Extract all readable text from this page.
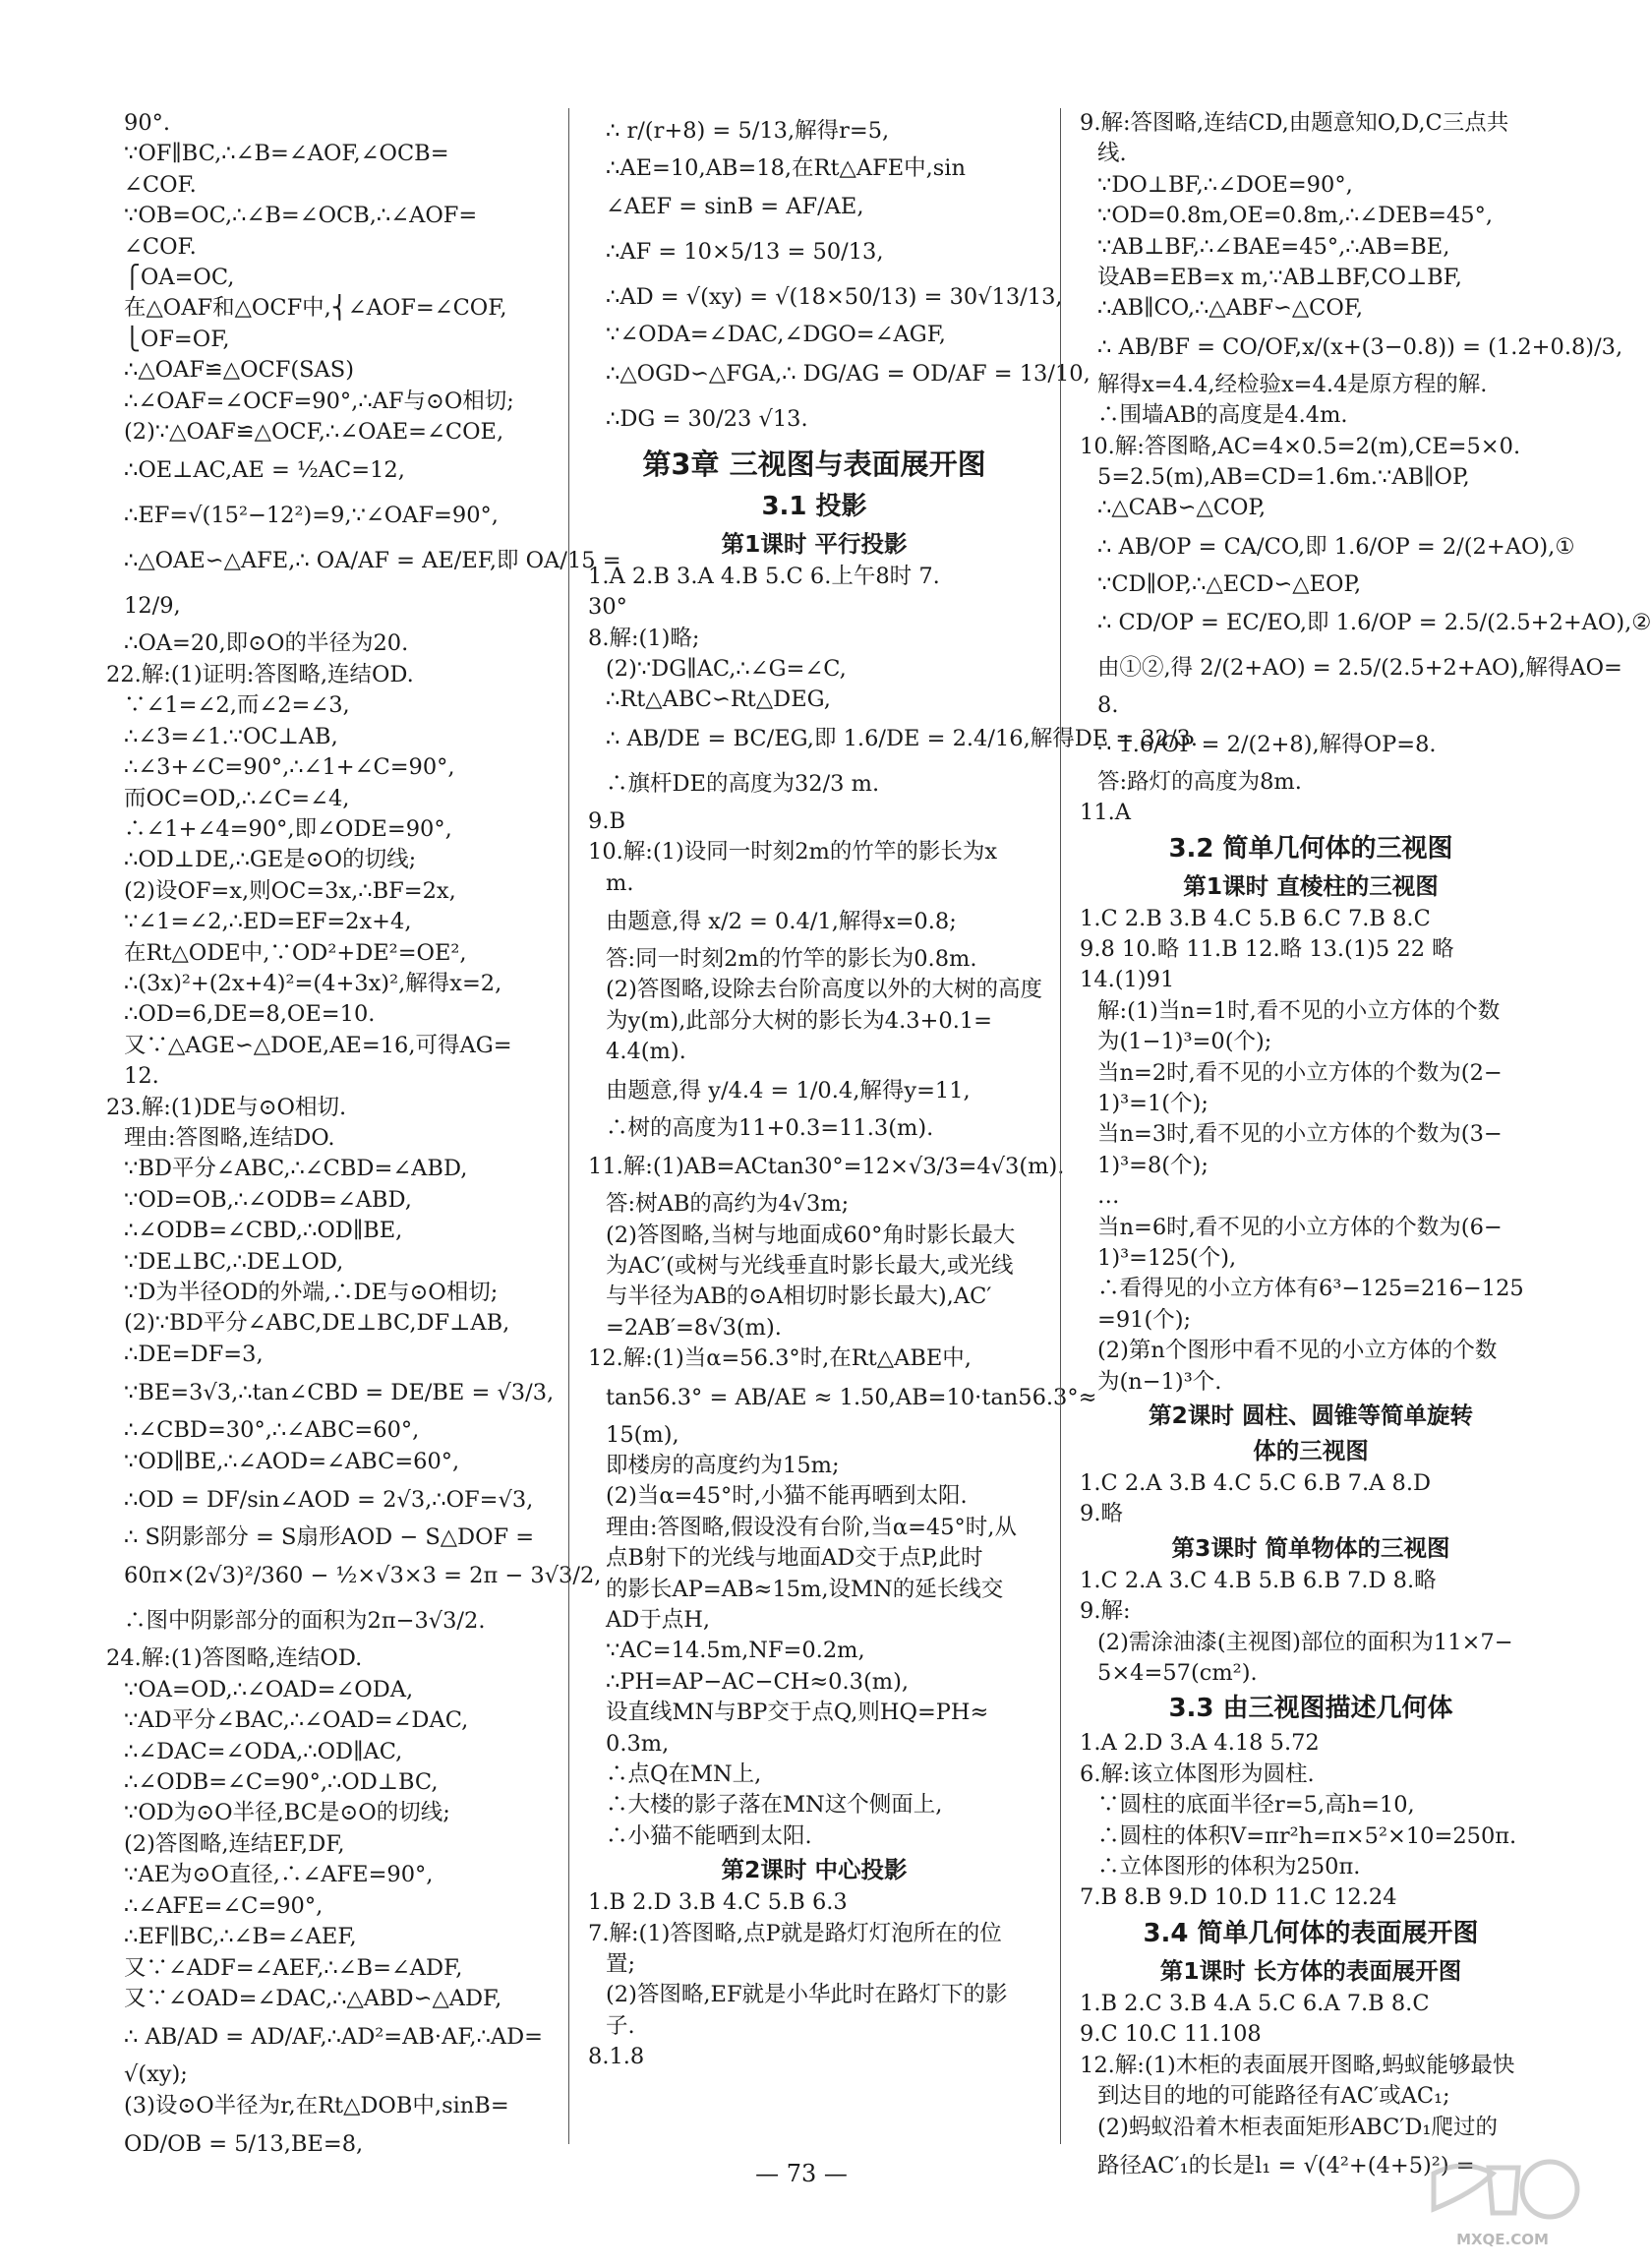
90°.
∵OF∥BC,∴∠B=∠AOF,∠OCB=
∠COF.
∵OB=OC,∴∠B=∠OCB,∴∠AOF=
∠COF.
⎧OA=OC,
在△OAF和△OCF中,⎨∠AOF=∠COF,
⎩OF=OF,
∴△OAF≌△OCF(SAS)
∴∠OAF=∠OCF=90°,∴AF与⊙O相切;
(2)∵△OAF≌△OCF,∴∠OAE=∠COE,
∴OE⊥AC,AE = ½AC=12,
∴EF=√(15²−12²)=9,∵∠OAF=90°,
∴△OAE∽△AFE,∴ OA/AF = AE/EF,即 OA/15 =
12/9,
∴OA=20,即⊙O的半径为20.
22.解:(1)证明:答图略,连结OD.
∵∠1=∠2,而∠2=∠3,
∴∠3=∠1.∵OC⊥AB,
∴∠3+∠C=90°,∴∠1+∠C=90°,
而OC=OD,∴∠C=∠4,
∴∠1+∠4=90°,即∠ODE=90°,
∴OD⊥DE,∴GE是⊙O的切线;
(2)设OF=x,则OC=3x,∴BF=2x,
∵∠1=∠2,∴ED=EF=2x+4,
在Rt△ODE中,∵OD²+DE²=OE²,
∴(3x)²+(2x+4)²=(4+3x)²,解得x=2,
∴OD=6,DE=8,OE=10.
又∵△AGE∽△DOE,AE=16,可得AG=
12.
23.解:(1)DE与⊙O相切.
理由:答图略,连结DO.
∵BD平分∠ABC,∴∠CBD=∠ABD,
∵OD=OB,∴∠ODB=∠ABD,
∴∠ODB=∠CBD,∴OD∥BE,
∵DE⊥BC,∴DE⊥OD,
∵D为半径OD的外端,∴DE与⊙O相切;
(2)∵BD平分∠ABC,DE⊥BC,DF⊥AB,
∴DE=DF=3,
∵BE=3√3,∴tan∠CBD = DE/BE = √3/3,
∴∠CBD=30°,∴∠ABC=60°,
∵OD∥BE,∴∠AOD=∠ABC=60°,
∴OD = DF/sin∠AOD = 2√3,∴OF=√3,
∴ S阴影部分 = S扇形AOD − S△DOF =
60π×(2√3)²/360 − ½×√3×3 = 2π − 3√3/2,
∴图中阴影部分的面积为2π−3√3/2.
24.解:(1)答图略,连结OD.
∵OA=OD,∴∠OAD=∠ODA,
∵AD平分∠BAC,∴∠OAD=∠DAC,
∴∠DAC=∠ODA,∴OD∥AC,
∴∠ODB=∠C=90°,∴OD⊥BC,
∵OD为⊙O半径,BC是⊙O的切线;
(2)答图略,连结EF,DF,
∵AE为⊙O直径,∴∠AFE=90°,
∴∠AFE=∠C=90°,
∴EF∥BC,∴∠B=∠AEF,
又∵∠ADF=∠AEF,∴∠B=∠ADF,
又∵∠OAD=∠DAC,∴△ABD∽△ADF,
∴ AB/AD = AD/AF,∴AD²=AB·AF,∴AD=
√(xy);
(3)设⊙O半径为r,在Rt△DOB中,sinB=
OD/OB = 5/13,BE=8,
∴ r/(r+8) = 5/13,解得r=5,
∴AE=10,AB=18,在Rt△AFE中,sin
∠AEF = sinB = AF/AE,
∴AF = 10×5/13 = 50/13,
∴AD = √(xy) = √(18×50/13) = 30√13/13,
∵∠ODA=∠DAC,∠DGO=∠AGF,
∴△OGD∽△FGA,∴ DG/AG = OD/AF = 13/10,
∴DG = 30/23 √13.
第3章 三视图与表面展开图
3.1 投影
第1课时 平行投影
1.A 2.B 3.A 4.B 5.C 6.上午8时 7.
30°
8.解:(1)略;
(2)∵DG∥AC,∴∠G=∠C,
∴Rt△ABC∽Rt△DEG,
∴ AB/DE = BC/EG,即 1.6/DE = 2.4/16,解得DE = 32/3.
∴旗杆DE的高度为32/3 m.
9.B
10.解:(1)设同一时刻2m的竹竿的影长为x
m.
由题意,得 x/2 = 0.4/1,解得x=0.8;
答:同一时刻2m的竹竿的影长为0.8m.
(2)答图略,设除去台阶高度以外的大树的高度
为y(m),此部分大树的影长为4.3+0.1=
4.4(m).
由题意,得 y/4.4 = 1/0.4,解得y=11,
∴树的高度为11+0.3=11.3(m).
11.解:(1)AB=ACtan30°=12×√3/3=4√3(m).
答:树AB的高约为4√3m;
(2)答图略,当树与地面成60°角时影长最大
为AC′(或树与光线垂直时影长最大,或光线
与半径为AB的⊙A相切时影长最大),AC′
=2AB′=8√3(m).
12.解:(1)当α=56.3°时,在Rt△ABE中,
tan56.3° = AB/AE ≈ 1.50,AB=10·tan56.3°≈
15(m),
即楼房的高度约为15m;
(2)当α=45°时,小猫不能再晒到太阳.
理由:答图略,假设没有台阶,当α=45°时,从
点B射下的光线与地面AD交于点P,此时
的影长AP=AB≈15m,设MN的延长线交
AD于点H,
∵AC=14.5m,NF=0.2m,
∴PH=AP−AC−CH≈0.3(m),
设直线MN与BP交于点Q,则HQ=PH≈
0.3m,
∴点Q在MN上,
∴大楼的影子落在MN这个侧面上,
∴小猫不能晒到太阳.
第2课时 中心投影
1.B 2.D 3.B 4.C 5.B 6.3
7.解:(1)答图略,点P就是路灯灯泡所在的位
置;
(2)答图略,EF就是小华此时在路灯下的影
子.
8.1.8
9.解:答图略,连结CD,由题意知O,D,C三点共
线.
∵DO⊥BF,∴∠DOE=90°,
∵OD=0.8m,OE=0.8m,∴∠DEB=45°,
∵AB⊥BF,∴∠BAE=45°,∴AB=BE,
设AB=EB=x m,∵AB⊥BF,CO⊥BF,
∴AB∥CO,∴△ABF∽△COF,
∴ AB/BF = CO/OF,x/(x+(3−0.8)) = (1.2+0.8)/3,
解得x=4.4,经检验x=4.4是原方程的解.
∴围墙AB的高度是4.4m.
10.解:答图略,AC=4×0.5=2(m),CE=5×0.
5=2.5(m),AB=CD=1.6m.∵AB∥OP,
∴△CAB∽△COP,
∴ AB/OP = CA/CO,即 1.6/OP = 2/(2+AO),①
∵CD∥OP,∴△ECD∽△EOP,
∴ CD/OP = EC/EO,即 1.6/OP = 2.5/(2.5+2+AO),②
由①②,得 2/(2+AO) = 2.5/(2.5+2+AO),解得AO=
8.
∴ 1.6/OP = 2/(2+8),解得OP=8.
答:路灯的高度为8m.
11.A
3.2 简单几何体的三视图
第1课时 直棱柱的三视图
1.C 2.B 3.B 4.C 5.B 6.C 7.B 8.C
9.8 10.略 11.B 12.略 13.(1)5 22 略
14.(1)91
解:(1)当n=1时,看不见的小立方体的个数
为(1−1)³=0(个);
当n=2时,看不见的小立方体的个数为(2−
1)³=1(个);
当n=3时,看不见的小立方体的个数为(3−
1)³=8(个);
…
当n=6时,看不见的小立方体的个数为(6−
1)³=125(个),
∴看得见的小立方体有6³−125=216−125
=91(个);
(2)第n个图形中看不见的小立方体的个数
为(n−1)³个.
第2课时 圆柱、圆锥等简单旋转
体的三视图
1.C 2.A 3.B 4.C 5.C 6.B 7.A 8.D
9.略
第3课时 简单物体的三视图
1.C 2.A 3.C 4.B 5.B 6.B 7.D 8.略
9.解:
(2)需涂油漆(主视图)部位的面积为11×7−
5×4=57(cm²).
3.3 由三视图描述几何体
1.A 2.D 3.A 4.18 5.72
6.解:该立体图形为圆柱.
∵圆柱的底面半径r=5,高h=10,
∴圆柱的体积V=πr²h=π×5²×10=250π.
∴立体图形的体积为250π.
7.B 8.B 9.D 10.D 11.C 12.24
3.4 简单几何体的表面展开图
第1课时 长方体的表面展开图
1.B 2.C 3.B 4.A 5.C 6.A 7.B 8.C
9.C 10.C 11.108
12.解:(1)木柜的表面展开图略,蚂蚁能够最快
到达目的地的可能路径有AC′或AC₁;
(2)蚂蚁沿着木柜表面矩形ABC′D₁爬过的
路径AC′₁的长是l₁ = √(4²+(4+5)²) =
— 73 —
MXQE.COM
